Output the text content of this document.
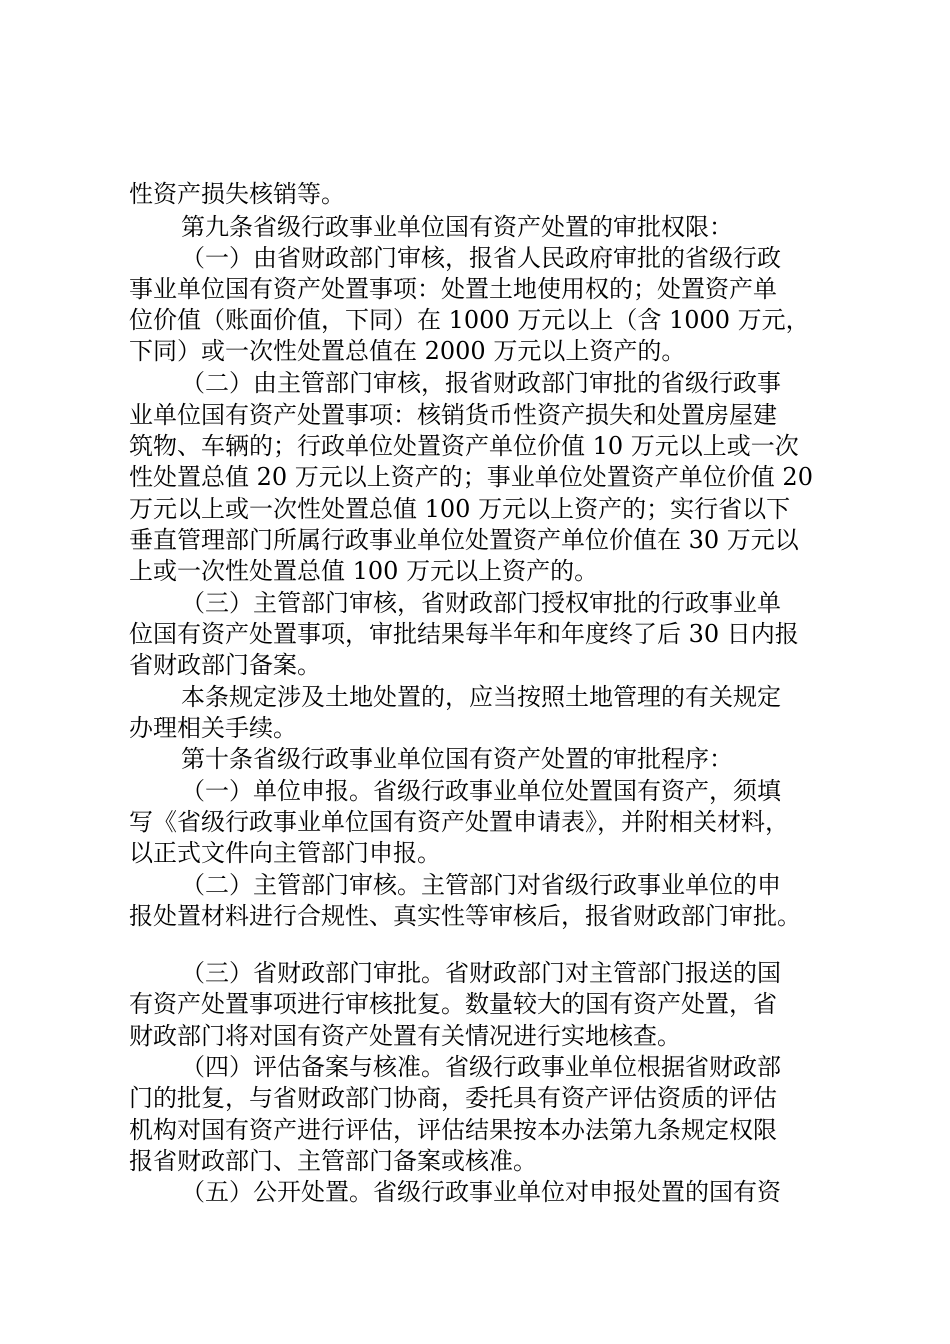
性资产损失核销等。
第九条省级行政事业单位国有资产处置的审批权限：
（一）由省财政部门审核，报省人民政府审批的省级行政
事业单位国有资产处置事项：处置土地使用权的；处置资产单
位价值（账面价值，下同）在 1000 万元以上（含 1000 万元，
下同）或一次性处置总值在 2000 万元以上资产的。
（二）由主管部门审核，报省财政部门审批的省级行政事
业单位国有资产处置事项：核销货币性资产损失和处置房屋建
筑物、车辆的；行政单位处置资产单位价值 10 万元以上或一次
性处置总值 20 万元以上资产的；事业单位处置资产单位价值 20
万元以上或一次性处置总值 100 万元以上资产的；实行省以下
垂直管理部门所属行政事业单位处置资产单位价值在 30 万元以
上或一次性处置总值 100 万元以上资产的。
（三）主管部门审核，省财政部门授权审批的行政事业单
位国有资产处置事项，审批结果每半年和年度终了后 30 日内报
省财政部门备案。
本条规定涉及土地处置的，应当按照土地管理的有关规定
办理相关手续。
第十条省级行政事业单位国有资产处置的审批程序：
（一）单位申报。省级行政事业单位处置国有资产，须填
写《省级行政事业单位国有资产处置申请表》，并附相关材料，
以正式文件向主管部门申报。
（二）主管部门审核。主管部门对省级行政事业单位的申
报处置材料进行合规性、真实性等审核后，报省财政部门审批。
（三）省财政部门审批。省财政部门对主管部门报送的国
有资产处置事项进行审核批复。数量较大的国有资产处置，省
财政部门将对国有资产处置有关情况进行实地核查。
（四）评估备案与核准。省级行政事业单位根据省财政部
门的批复，与省财政部门协商，委托具有资产评估资质的评估
机构对国有资产进行评估，评估结果按本办法第九条规定权限
报省财政部门、主管部门备案或核准。
（五）公开处置。省级行政事业单位对申报处置的国有资
